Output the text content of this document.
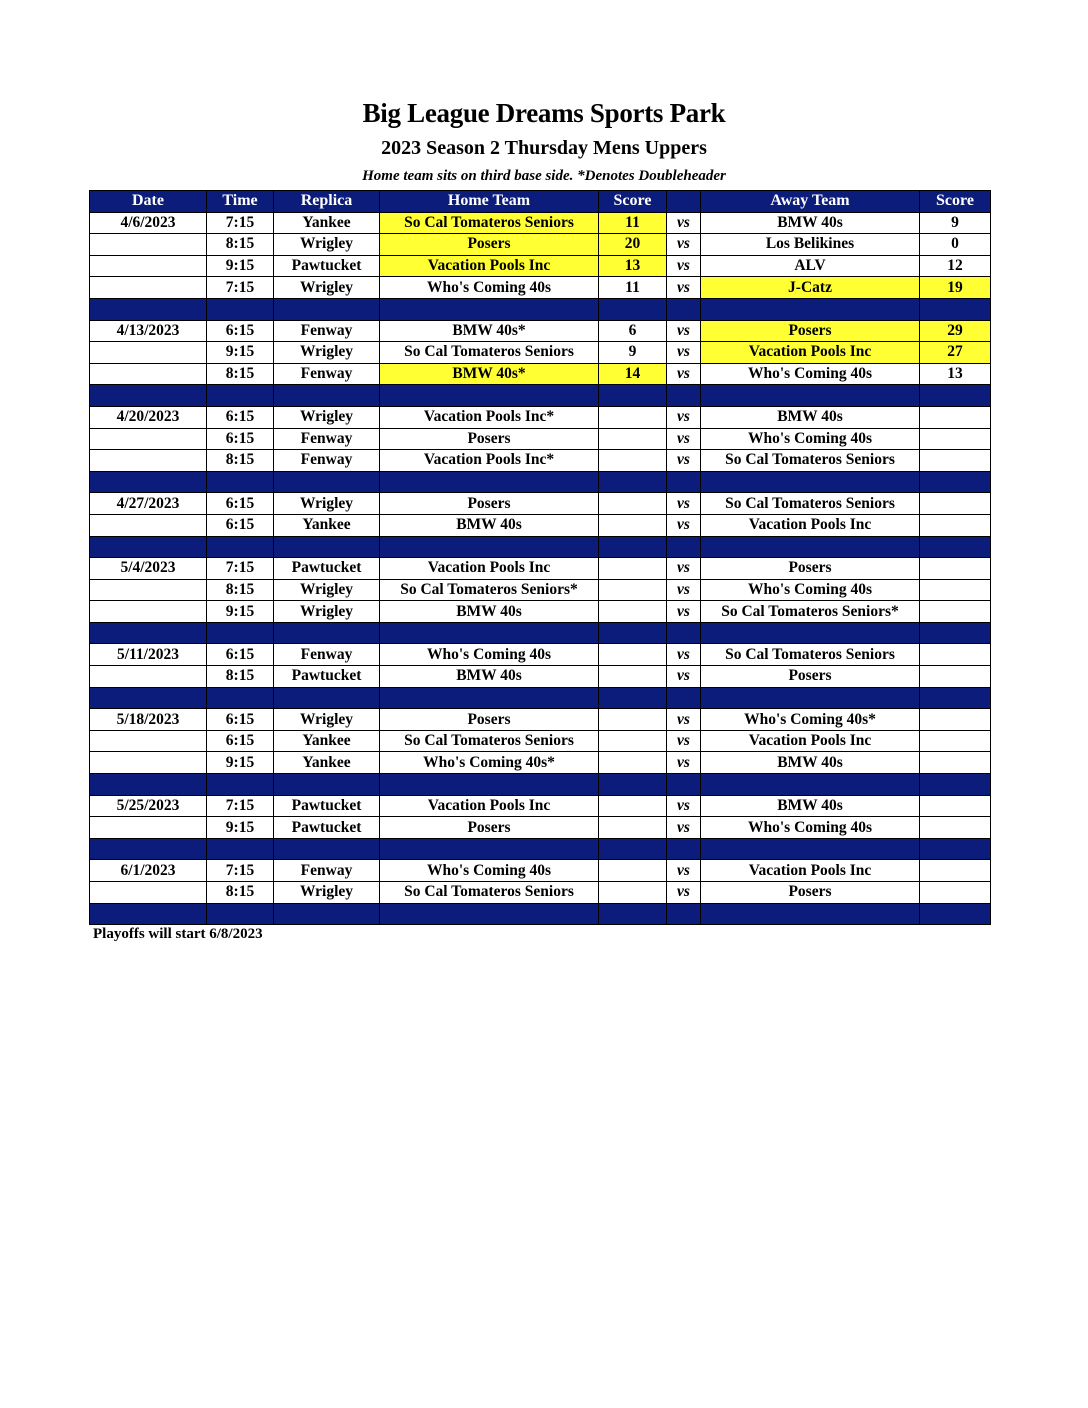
Big League Dreams Sports Park
2023 Season 2 Thursday Mens Uppers
Home team sits on third base side. *Denotes Doubleheader
Date	Time	Replica	Home Team	Score		Away Team	Score
4/6/2023	7:15	Yankee	So Cal Tomateros Seniors	11	vs	BMW 40s	9
	8:15	Wrigley	Posers	20	vs	Los Belikines	0
	9:15	Pawtucket	Vacation Pools Inc	13	vs	ALV	12
	7:15	Wrigley	Who's Coming 40s	11	vs	J-Catz	19

4/13/2023	6:15	Fenway	BMW 40s*	6	vs	Posers	29
	9:15	Wrigley	So Cal Tomateros Seniors	9	vs	Vacation Pools Inc	27
	8:15	Fenway	BMW 40s*	14	vs	Who's Coming 40s	13

4/20/2023	6:15	Wrigley	Vacation Pools Inc*		vs	BMW 40s	
	6:15	Fenway	Posers		vs	Who's Coming 40s	
	8:15	Fenway	Vacation Pools Inc*		vs	So Cal Tomateros Seniors	

4/27/2023	6:15	Wrigley	Posers		vs	So Cal Tomateros Seniors	
	6:15	Yankee	BMW 40s		vs	Vacation Pools Inc	

5/4/2023	7:15	Pawtucket	Vacation Pools Inc		vs	Posers	
	8:15	Wrigley	So Cal Tomateros Seniors*		vs	Who's Coming 40s	
	9:15	Wrigley	BMW 40s		vs	So Cal Tomateros Seniors*	

5/11/2023	6:15	Fenway	Who's Coming 40s		vs	So Cal Tomateros Seniors	
	8:15	Pawtucket	BMW 40s		vs	Posers	

5/18/2023	6:15	Wrigley	Posers		vs	Who's Coming 40s*	
	6:15	Yankee	So Cal Tomateros Seniors		vs	Vacation Pools Inc	
	9:15	Yankee	Who's Coming 40s*		vs	BMW 40s	

5/25/2023	7:15	Pawtucket	Vacation Pools Inc		vs	BMW 40s	
	9:15	Pawtucket	Posers		vs	Who's Coming 40s	

6/1/2023	7:15	Fenway	Who's Coming 40s		vs	Vacation Pools Inc	
	8:15	Wrigley	So Cal Tomateros Seniors		vs	Posers	

Playoffs will start 6/8/2023
